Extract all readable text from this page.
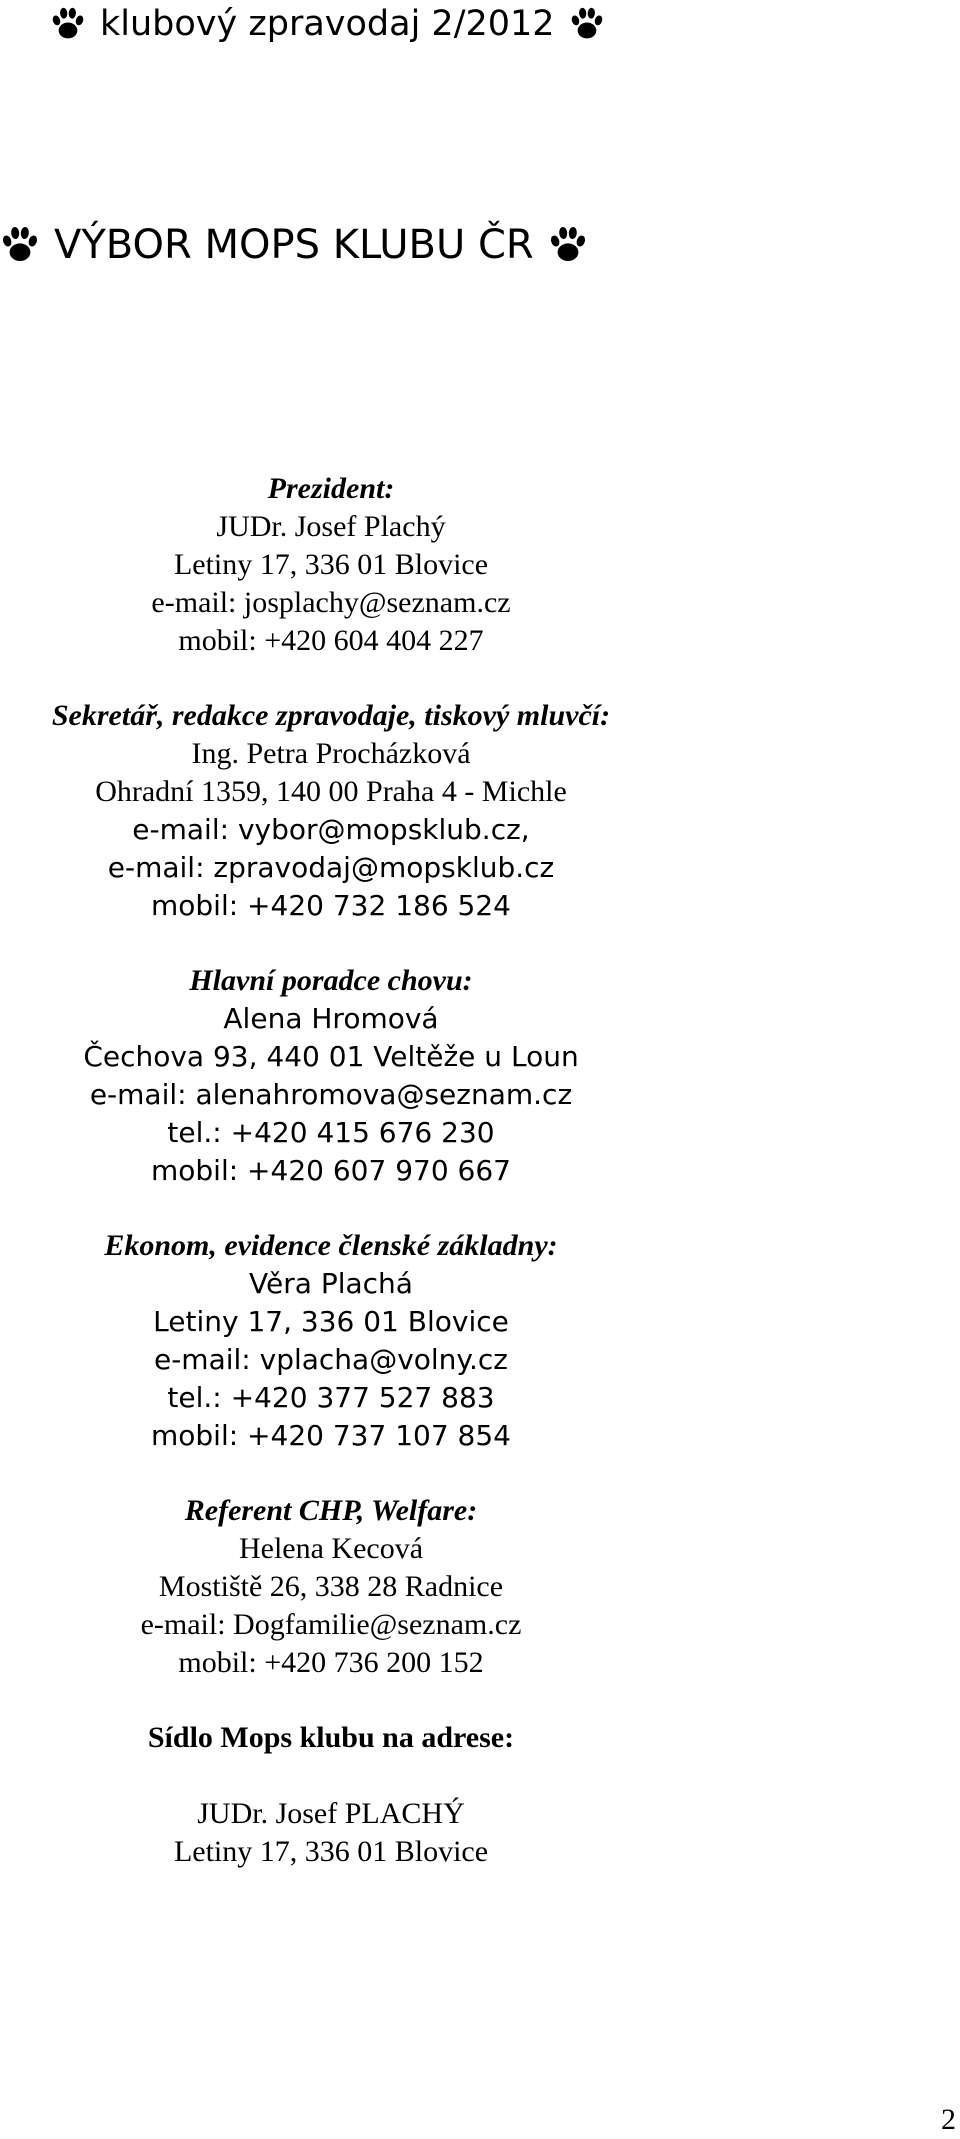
klubový zpravodaj 2/2012
VÝBOR MOPS KLUBU ČR
Prezident:
JUDr. Josef Plachý
Letiny 17, 336 01 Blovice
e-mail: josplachy@seznam.cz
mobil: +420 604 404 227
Sekretář, redakce zpravodaje, tiskový mluvčí:
Ing. Petra Procházková
Ohradní 1359, 140 00 Praha 4 - Michle
e-mail: vybor@mopsklub.cz,
e-mail: zpravodaj@mopsklub.cz
mobil: +420 732 186 524
Hlavní poradce chovu:
Alena Hromová
Čechova 93, 440 01 Veltěže u Loun
e-mail: alenahromova@seznam.cz
tel.: +420 415 676 230
mobil: +420 607 970 667
Ekonom, evidence členské základny:
Věra Plachá
Letiny 17, 336 01 Blovice
e-mail: vplacha@volny.cz
tel.: +420 377 527 883
mobil: +420 737 107 854
Referent CHP, Welfare:
Helena Kecová
Mostiště 26, 338 28 Radnice
e-mail: Dogfamilie@seznam.cz
mobil: +420 736 200 152
Sídlo Mops klubu na adrese:
JUDr. Josef PLACHÝ
Letiny 17, 336 01 Blovice
2
